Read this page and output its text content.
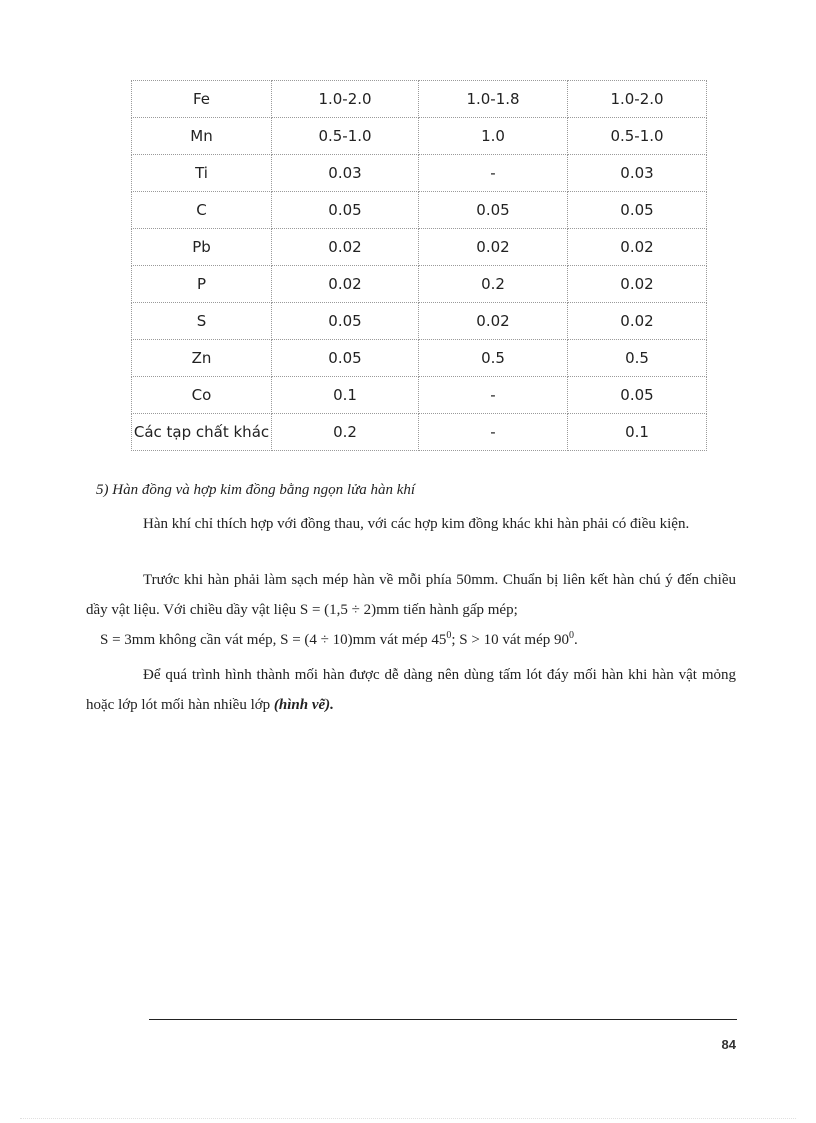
Fe	1.0-2.0	1.0-1.8	1.0-2.0
Mn	0.5-1.0	1.0	0.5-1.0
Ti	0.03	-	0.03
C	0.05	0.05	0.05
Pb	0.02	0.02	0.02
P	0.02	0.2	0.02
S	0.05	0.02	0.02
Zn	0.05	0.5	0.5
Co	0.1	-	0.05
Các tạp chất khác	0.2	-	0.1
5) Hàn đồng và hợp kim đồng bằng ngọn lửa hàn khí

Hàn khí chỉ thích hợp với đồng thau, với các hợp kim đồng khác khi hàn phải có điều kiện.

Trước khi hàn phải làm sạch mép hàn về mỗi phía 50mm. Chuẩn bị liên kết hàn chú ý đến chiều dầy vật liệu. Với chiều dầy vật liệu S = (1,5 ÷ 2)mm tiến hành gấp mép;

S = 3mm không cần vát mép, S = (4 ÷ 10)mm vát mép $45^0$; S > 10 vát mép $90^0$.

Để quá trình hình thành mối hàn được dễ dàng nên dùng tấm lót đáy mối hàn khi hàn vật mỏng hoặc lớp lót mối hàn nhiều lớp (hình vẽ).

84
